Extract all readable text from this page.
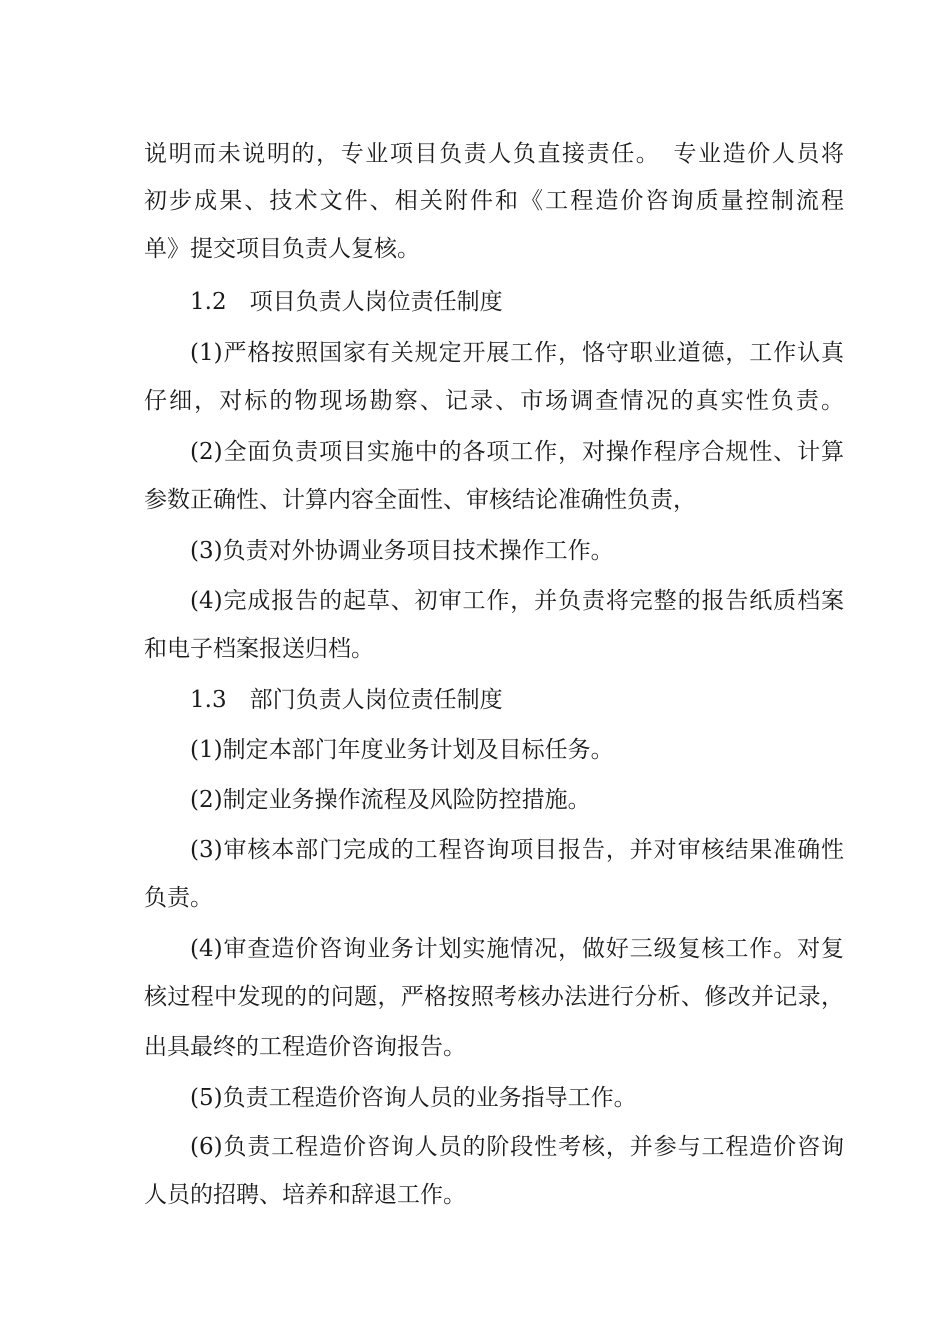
说明而未说明的，专业项目负责人负直接责任。　专业造价人员将

初步成果、技术文件、相关附件和《工程造价咨询质量控制流程

单》提交项目负责人复核。

1.2　项目负责人岗位责任制度

(1)严格按照国家有关规定开展工作，恪守职业道德，工作认真

仔细，对标的物现场勘察、记录、市场调查情况的真实性负责。

(2)全面负责项目实施中的各项工作，对操作程序合规性、计算

参数正确性、计算内容全面性、审核结论准确性负责，

(3)负责对外协调业务项目技术操作工作。

(4)完成报告的起草、初审工作，并负责将完整的报告纸质档案

和电子档案报送归档。

1.3　部门负责人岗位责任制度

(1)制定本部门年度业务计划及目标任务。

(2)制定业务操作流程及风险防控措施。

(3)审核本部门完成的工程咨询项目报告，并对审核结果准确性

负责。

(4)审查造价咨询业务计划实施情况，做好三级复核工作。对复

核过程中发现的的问题，严格按照考核办法进行分析、修改并记录，

出具最终的工程造价咨询报告。

(5)负责工程造价咨询人员的业务指导工作。

(6)负责工程造价咨询人员的阶段性考核，并参与工程造价咨询

人员的招聘、培养和辞退工作。
